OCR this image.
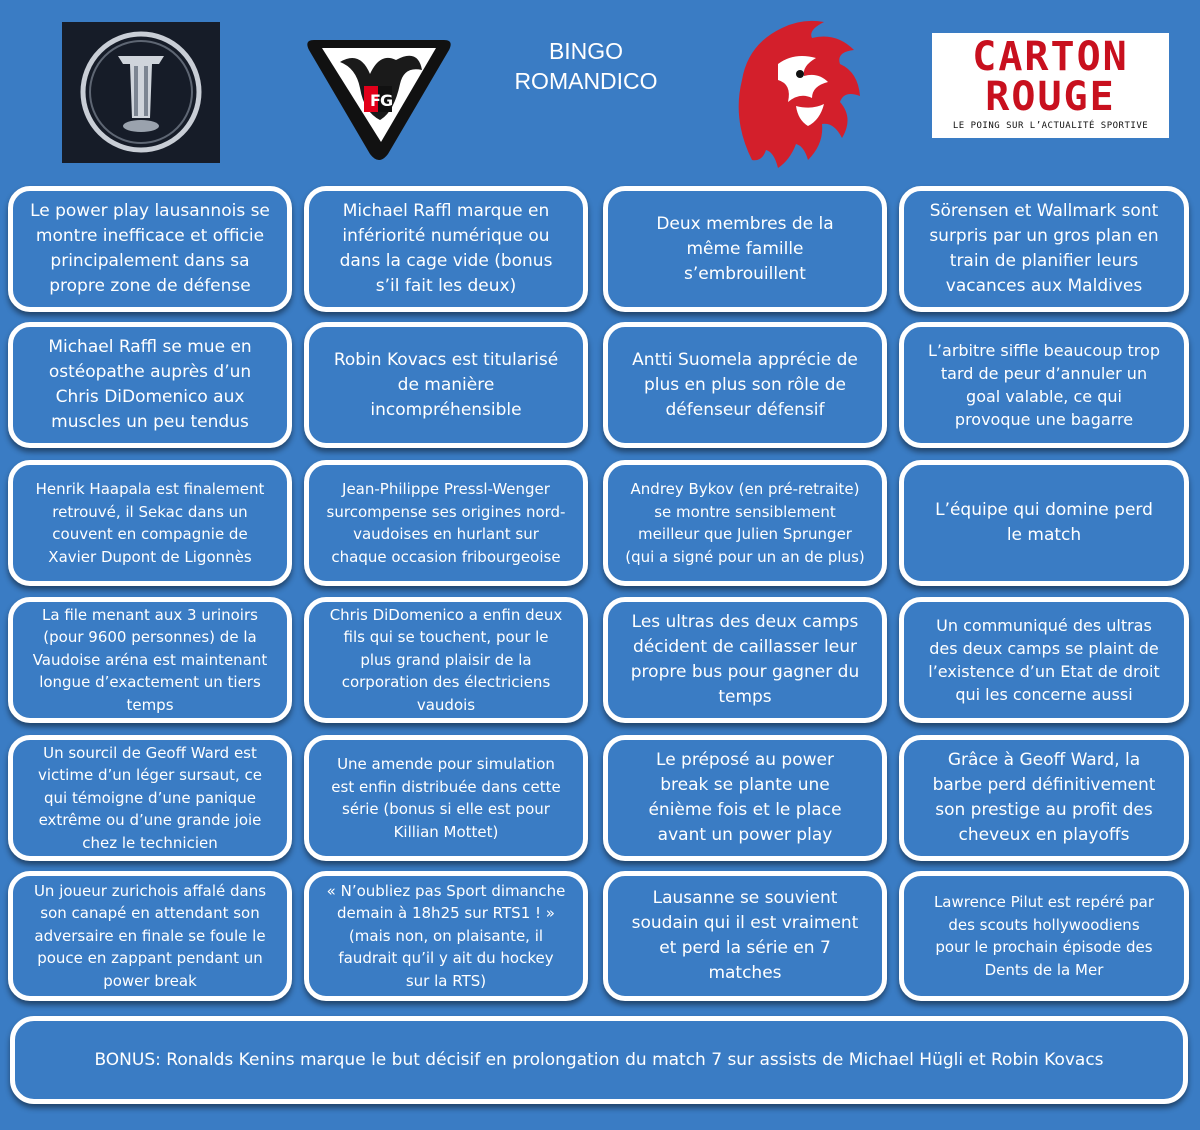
F G
BINGO
ROMANDICO
CARTON
ROUGE
LE POING SUR L’ACTUALITÉ SPORTIVE
Le power play lausannois se
montre inefficace et officie
principalement dans sa
propre zone de défense
Michael Raffl marque en
infériorité numérique ou
dans la cage vide (bonus
s’il fait les deux)
Deux membres de la
même famille
s’embrouillent
Sörensen et Wallmark sont
surpris par un gros plan en
train de planifier leurs
vacances aux Maldives
Michael Raffl se mue en
ostéopathe auprès d’un
Chris DiDomenico aux
muscles un peu tendus
Robin Kovacs est titularisé
de manière
incompréhensible
Antti Suomela apprécie de
plus en plus son rôle de
défenseur défensif
L’arbitre siffle beaucoup trop
tard de peur d’annuler un
goal valable, ce qui
provoque une bagarre
Henrik Haapala est finalement
retrouvé, il Sekac dans un
couvent en compagnie de
Xavier Dupont de Ligonnès
Jean-Philippe Pressl-Wenger
surcompense ses origines nord-
vaudoises en hurlant sur
chaque occasion fribourgeoise
Andrey Bykov (en pré-retraite)
se montre sensiblement
meilleur que Julien Sprunger
(qui a signé pour un an de plus)
L’équipe qui domine perd
le match
La file menant aux 3 urinoirs
(pour 9600 personnes) de la
Vaudoise aréna est maintenant
longue d’exactement un tiers
temps
Chris DiDomenico a enfin deux
fils qui se touchent, pour le
plus grand plaisir de la
corporation des électriciens
vaudois
Les ultras des deux camps
décident de caillasser leur
propre bus pour gagner du
temps
Un communiqué des ultras
des deux camps se plaint de
l’existence d’un Etat de droit
qui les concerne aussi
Un sourcil de Geoff Ward est
victime d’un léger sursaut, ce
qui témoigne d’une panique
extrême ou d’une grande joie
chez le technicien
Une amende pour simulation
est enfin distribuée dans cette
série (bonus si elle est pour
Killian Mottet)
Le préposé au power
break se plante une
énième fois et le place
avant un power play
Grâce à Geoff Ward, la
barbe perd définitivement
son prestige au profit des
cheveux en playoffs
Un joueur zurichois affalé dans
son canapé en attendant son
adversaire en finale se foule le
pouce en zappant pendant un
power break
« N’oubliez pas Sport dimanche
demain à 18h25 sur RTS1 ! »
(mais non, on plaisante, il
faudrait qu’il y ait du hockey
sur la RTS)
Lausanne se souvient
soudain qui il est vraiment
et perd la série en 7
matches
Lawrence Pilut est repéré par
des scouts hollywoodiens
pour le prochain épisode des
Dents de la Mer
BONUS: Ronalds Kenins marque le but décisif en prolongation du match 7 sur assists de Michael Hügli et Robin Kovacs
